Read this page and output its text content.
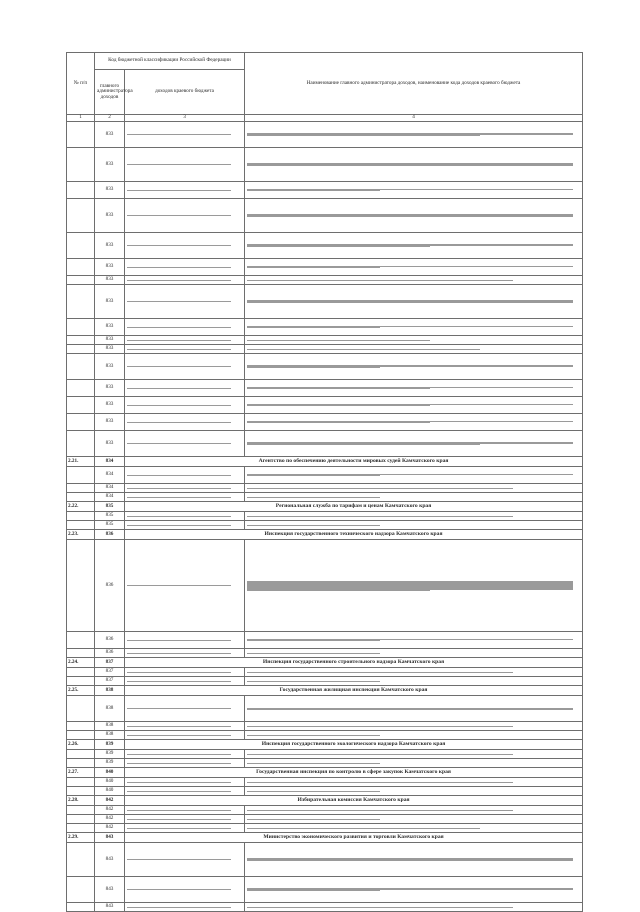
№ п/п	Код бюджетной классификации Российской Федерации		Наименование главного администратора доходов, наименование кода доходов краевого бюджета
	главного администратора доходов	доходов краевого бюджета	
1	2	3	4
	833	

	833	

	833	

	833	

	833	

	833	

	833	

	833	

	833	

	833	

	833	

	833	

	833	

	833	

	833	

	833	

2.21.	834	Агентство по обеспечению деятельности мировых судей Камчатского края	
	834	

	834	

	834	

2.22.	835	Региональная служба по тарифам и ценам Камчатского края	
	835	

	835	

2.23.	836	Инспекция государственного технического надзора Камчатского края	
	836	

	836	

	836	

2.24.	837	Инспекция государственного строительного надзора Камчатского края	
	837	

	837	

2.25.	838	Государственная жилищная инспекция Камчатского края	
	838	

	838	

	838	

2.26.	839	Инспекция государственного экологического надзора Камчатского края	
	839	

	839	

2.27.	840	Государственная инспекция по контролю в сфере закупок Камчатского края	
	840	

	840	

2.28.	842	Избирательная комиссия Камчатского края	
	842	

	842	

	842	

2.29.	843	Министерство экономического развития и торговли Камчатского края	
	843	

	843	

	843	
